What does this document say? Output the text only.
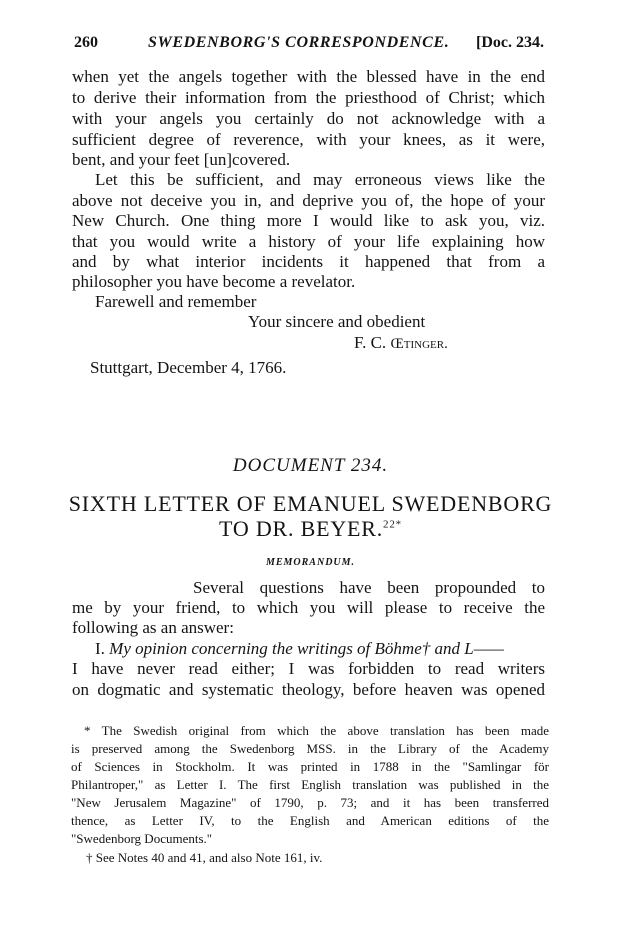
260	SWEDENBORG'S CORRESPONDENCE. [Doc. 234.

when yet the angels together with the blessed have in the end

to derive their information from the priesthood of Christ; which

with your angels you certainly do not acknowledge with a

sufficient degree of reverence, with your knees, as it were,

bent, and your feet [un]covered.

Let this be sufficient, and may erroneous views like the

above not deceive you in, and deprive you of, the hope of your

New Church. One thing more I would like to ask you, viz.

that you would write a history of your life explaining how

and by what interior incidents it happened that from a

philosopher you have become a revelator.

Farewell and remember

Your sincere and obedient

F. C. Œtinger.

Stuttgart, December 4, 1766.

DOCUMENT 234.

SIXTH LETTER OF EMANUEL SWEDENBORG

TO DR. BEYER.$^{22*}$

MEMORANDUM.

Several questions have been propounded to

me by your friend, to which you will please to receive the

following as an answer:

I. My opinion concerning the writings of Böhme† and L——

I have never read either; I was forbidden to read writers

on dogmatic and systematic theology, before heaven was opened

* The Swedish original from which the above translation has been made

is preserved among the Swedenborg MSS. in the Library of the Academy

of Sciences in Stockholm. It was printed in 1788 in the "Samlingar för

Philantroper," as Letter I. The first English translation was published in the

"New Jerusalem Magazine" of 1790, p. 73; and it has been transferred

thence, as Letter IV, to the English and American editions of the

"Swedenborg Documents."

† See Notes 40 and 41, and also Note 161, iv.
